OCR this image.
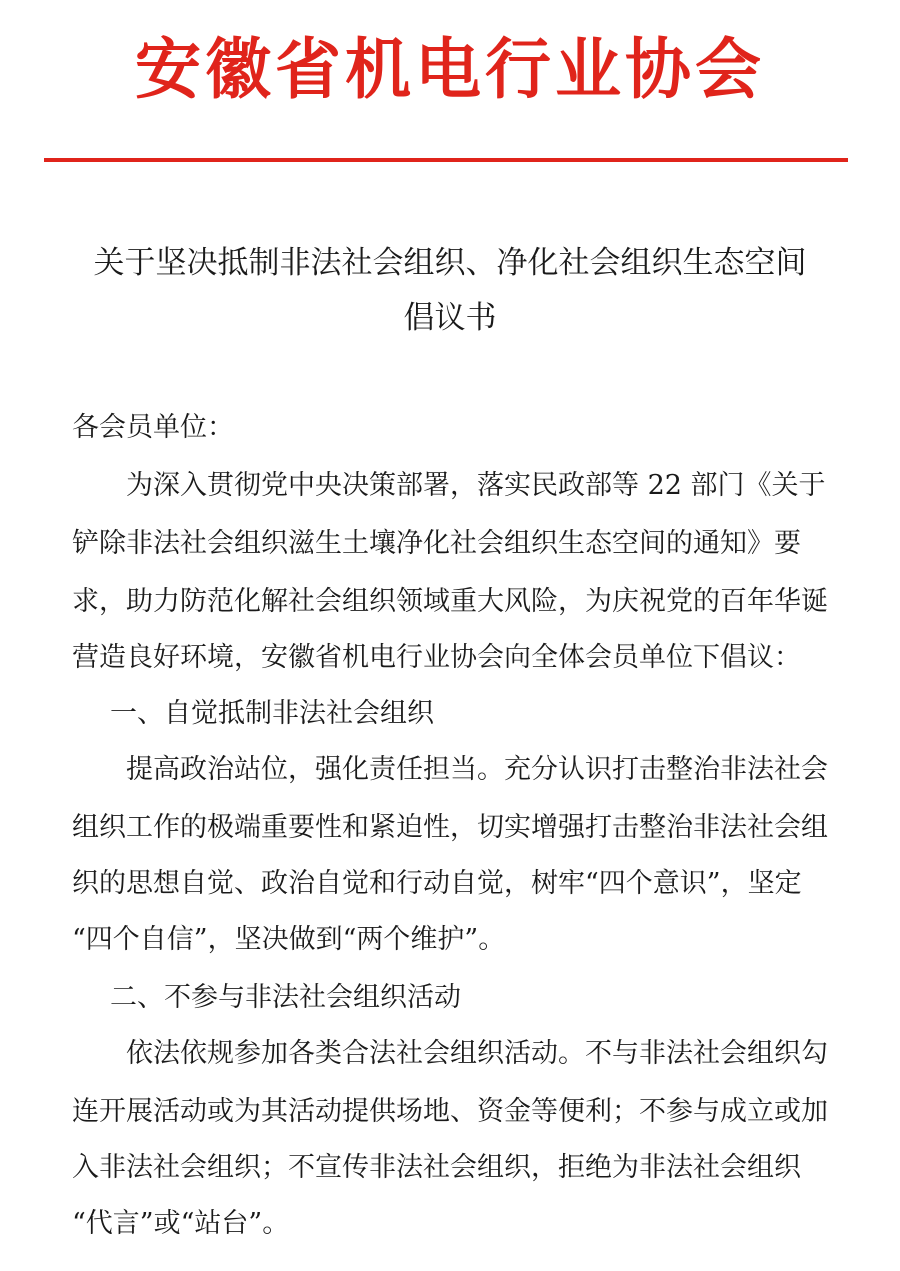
安徽省机电行业协会
关于坚决抵制非法社会组织、净化社会组织生态空间
倡议书
各会员单位：
为深入贯彻党中央决策部署，落实民政部等 22 部门《关于
铲除非法社会组织滋生土壤净化社会组织生态空间的通知》要
求，助力防范化解社会组织领域重大风险，为庆祝党的百年华诞
营造良好环境，安徽省机电行业协会向全体会员单位下倡议：
一、自觉抵制非法社会组织
提高政治站位，强化责任担当。充分认识打击整治非法社会
组织工作的极端重要性和紧迫性，切实增强打击整治非法社会组
织的思想自觉、政治自觉和行动自觉，树牢“四个意识”，坚定
“四个自信”，坚决做到“两个维护”。
二、不参与非法社会组织活动
依法依规参加各类合法社会组织活动。不与非法社会组织勾
连开展活动或为其活动提供场地、资金等便利；不参与成立或加
入非法社会组织；不宣传非法社会组织，拒绝为非法社会组织
“代言”或“站台”。
